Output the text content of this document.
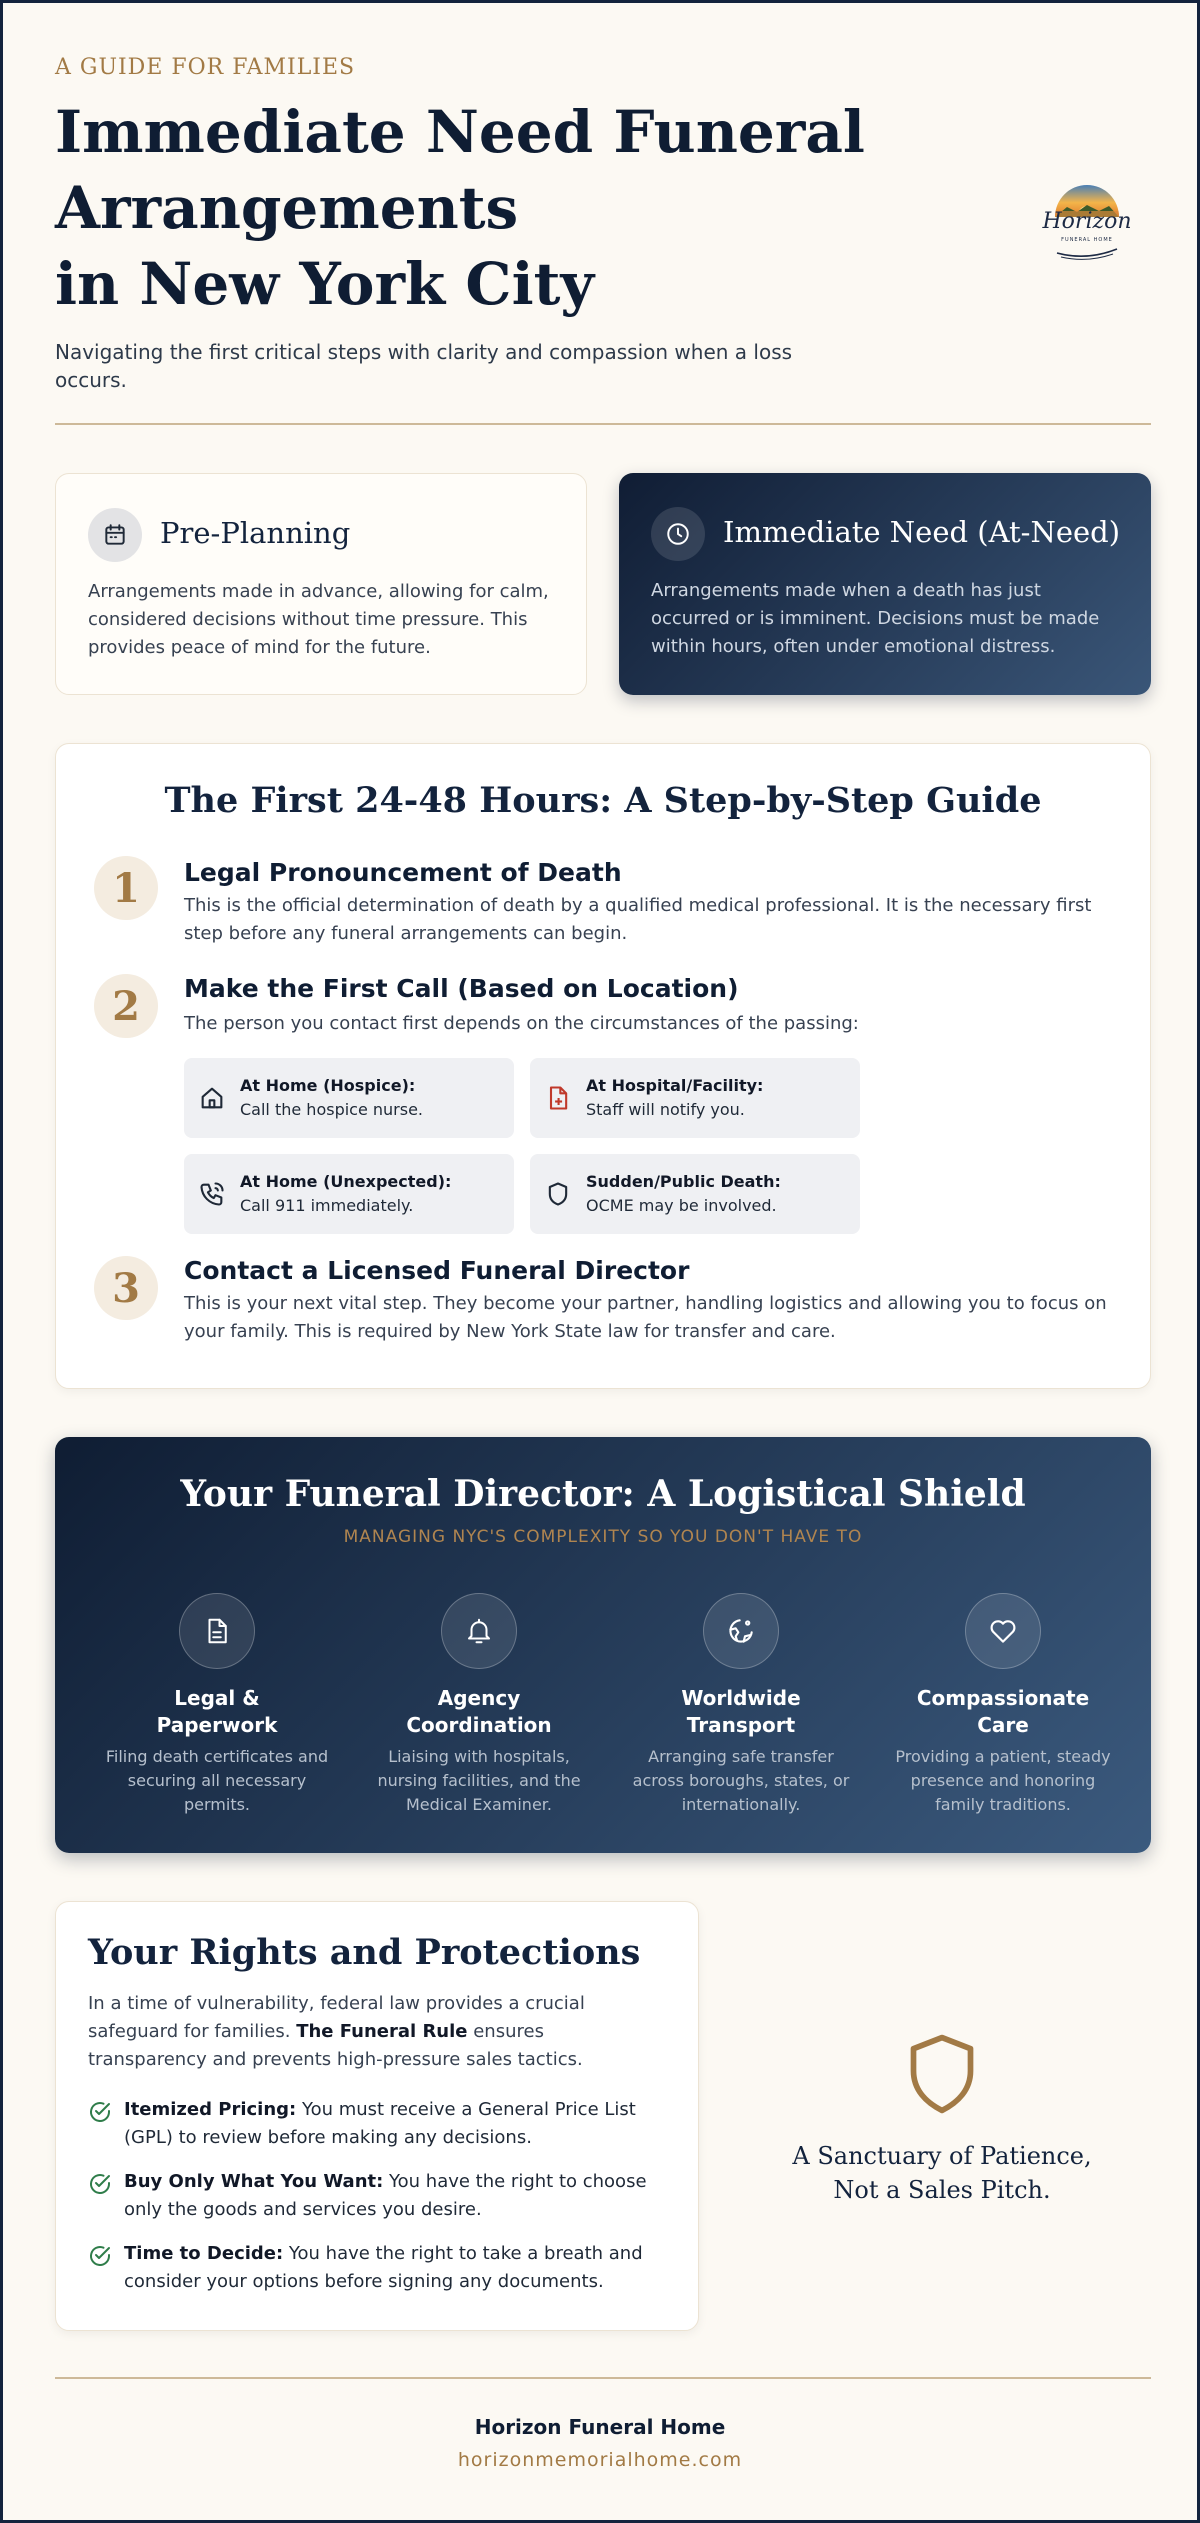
A GUIDE FOR FAMILIES
Immediate Need Funeral
Arrangements
in New York City

Navigating the first critical steps with clarity and compassion when a loss occurs.

Horizon
FUNERAL HOME
Pre-Planning

Arrangements made in advance, allowing for calm, considered decisions without time pressure. This provides peace of mind for the future.

Immediate Need (At-Need)

Arrangements made when a death has just occurred or is imminent. Decisions must be made within hours, often under emotional distress.

The First 24-48 Hours: A Step-by-Step Guide
1	Legal Pronouncement of Death

This is the official determination of death by a qualified medical professional. It is the necessary first step before any funeral arrangements can begin.

2	Make the First Call (Based on Location)

The person you contact first depends on the circumstances of the passing:

At Home (Hospice):
Call the hospice nurse.
At Hospital/Facility:
Staff will notify you.
At Home (Unexpected):
Call 911 immediately.
Sudden/Public Death:
OCME may be involved.
3	Contact a Licensed Funeral Director

This is your next vital step. They become your partner, handling logistics and allowing you to focus on your family. This is required by New York State law for transfer and care.

Your Funeral Director: A Logistical Shield
MANAGING NYC'S COMPLEXITY SO YOU DON'T HAVE TO
Legal & Paperwork
Filing death certificates and securing all necessary permits.
Agency Coordination
Liaising with hospitals, nursing facilities, and the Medical Examiner.
Worldwide Transport
Arranging safe transfer across boroughs, states, or internationally.
Compassionate Care
Providing a patient, steady presence and honoring family traditions.
Your Rights and Protections

In a time of vulnerability, federal law provides a crucial safeguard for families. The Funeral Rule ensures transparency and prevents high-pressure sales tactics.

Itemized Pricing: You must receive a General Price List (GPL) to review before making any decisions.

Buy Only What You Want: You have the right to choose only the goods and services you desire.

Time to Decide: You have the right to take a breath and consider your options before signing any documents.

A Sanctuary of Patience,
Not a Sales Pitch.
Horizon Funeral Home
horizonmemorialhome.com
